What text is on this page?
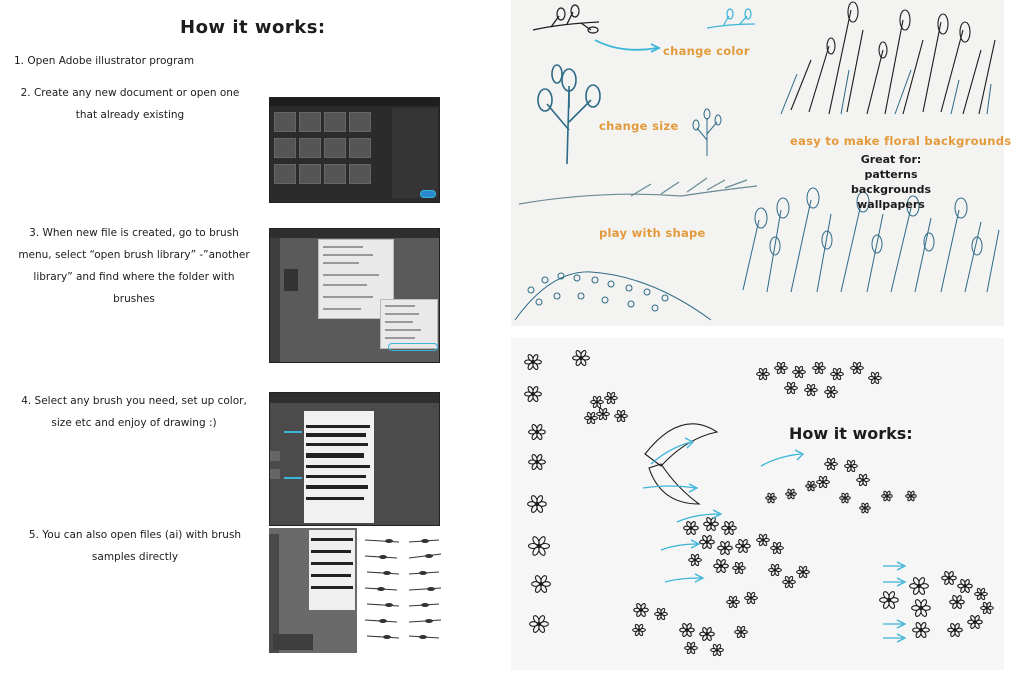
How it works:
1. Open Adobe illustrator program
2. Create any new document or open one that already existing
3. When new file is created, go to brush menu, select “open brush library” -”another library” and find where the folder with brushes
4. Select any brush you need, set up color, size etc and enjoy of drawing :)
5. You can also open files (ai) with brush samples directly
change color
change size
play with shape
easy to make floral backgrounds
Great for:
patterns
backgrounds
wallpapers
How it works:
